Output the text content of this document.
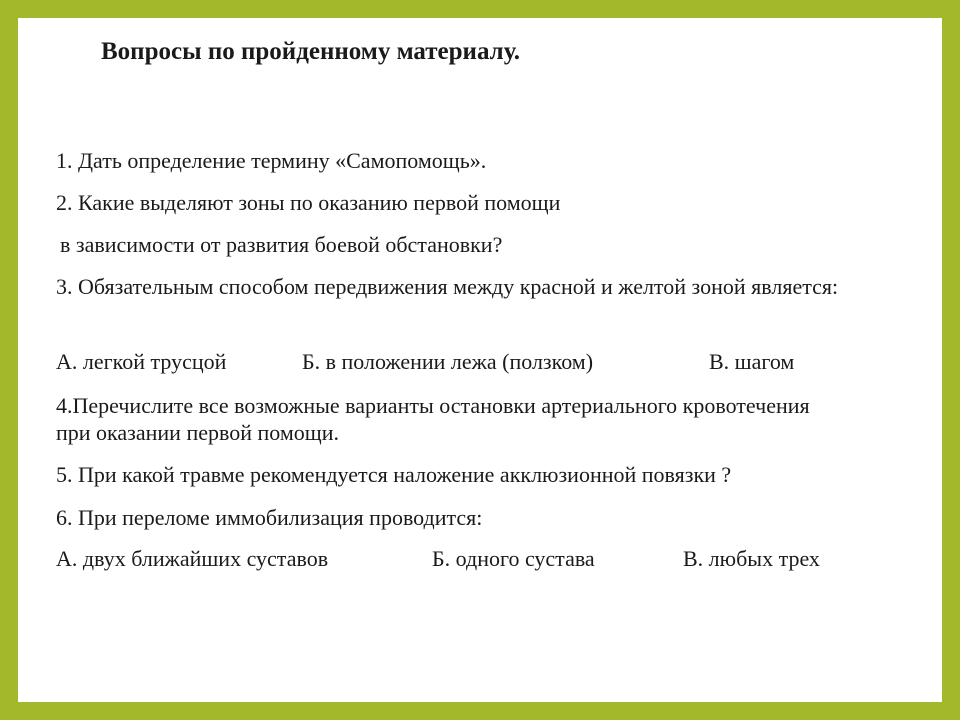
Вопросы по пройденному материалу.

1. Дать определение термину «Самопомощь».

2. Какие выделяют зоны по оказанию первой помощи

в зависимости от развития боевой обстановки?

3. Обязательным способом передвижения между красной и желтой зоной является:

А. легкой трусцой	Б. в положении лежа (ползком)	В. шагом

4.Перечислите все возможные варианты остановки артериального кровотечения при оказании первой помощи.

5. При какой травме рекомендуется наложение акклюзионной повязки ?

6. При переломе иммобилизация проводится:

А. двух ближайших суставов	Б. одного сустава	В. любых трех
